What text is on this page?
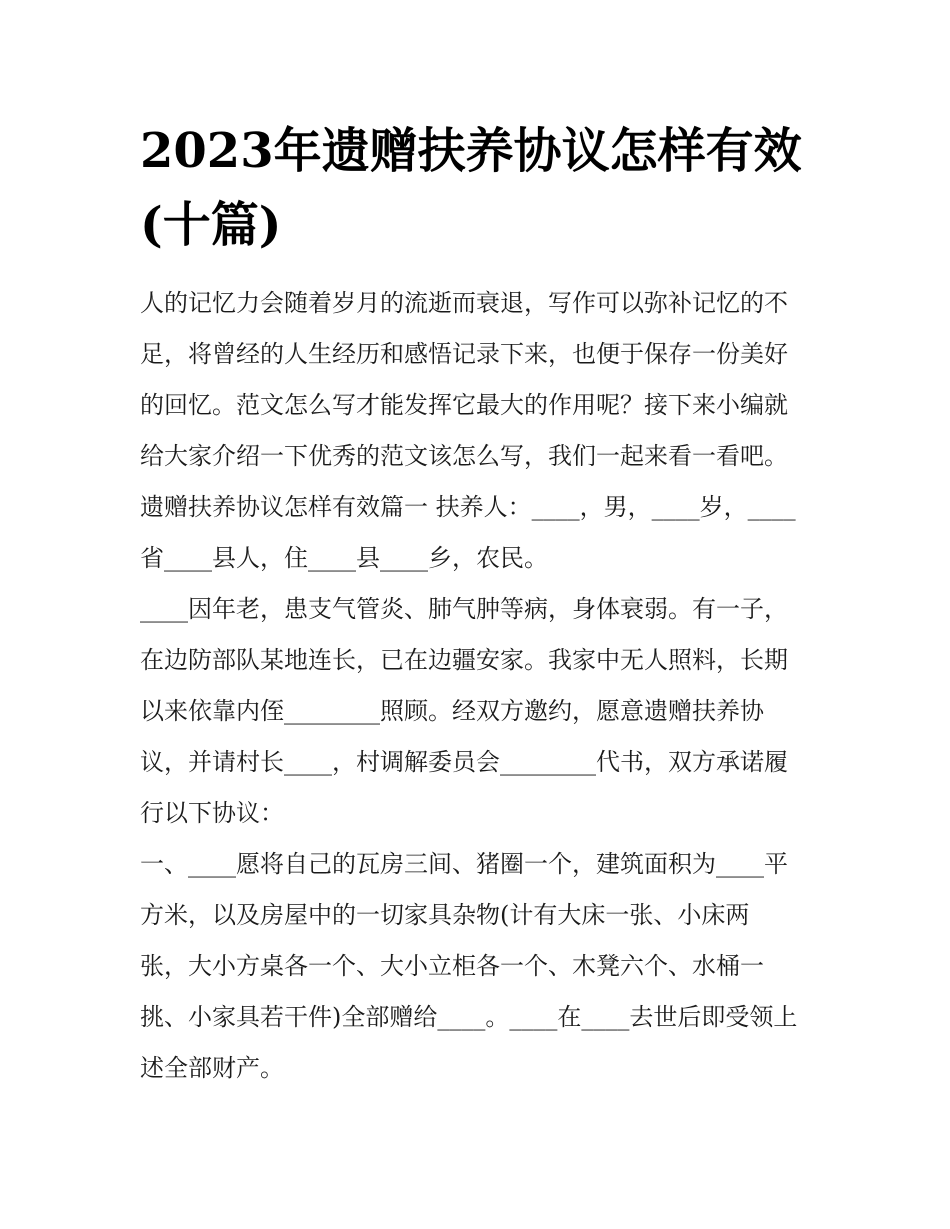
2023年遗赠扶养协议怎样有效
(十篇)

人的记忆力会随着岁月的流逝而衰退，写作可以弥补记忆的不

足，将曾经的人生经历和感悟记录下来，也便于保存一份美好

的回忆。范文怎么写才能发挥它最大的作用呢？接下来小编就

给大家介绍一下优秀的范文该怎么写，我们一起来看一看吧。

遗赠扶养协议怎样有效篇一 扶养人：____，男，____岁，____

省____县人，住____县____乡，农民。

____因年老，患支气管炎、肺气肿等病，身体衰弱。有一子，

在边防部队某地连长，已在边疆安家。我家中无人照料，长期

以来依靠内侄________照顾。经双方邀约，愿意遗赠扶养协

议，并请村长____，村调解委员会________代书，双方承诺履

行以下协议：

一、____愿将自己的瓦房三间、猪圈一个，建筑面积为____平

方米，以及房屋中的一切家具杂物(计有大床一张、小床两

张，大小方桌各一个、大小立柜各一个、木凳六个、水桶一

挑、小家具若干件)全部赠给____。____在____去世后即受领上

述全部财产。
